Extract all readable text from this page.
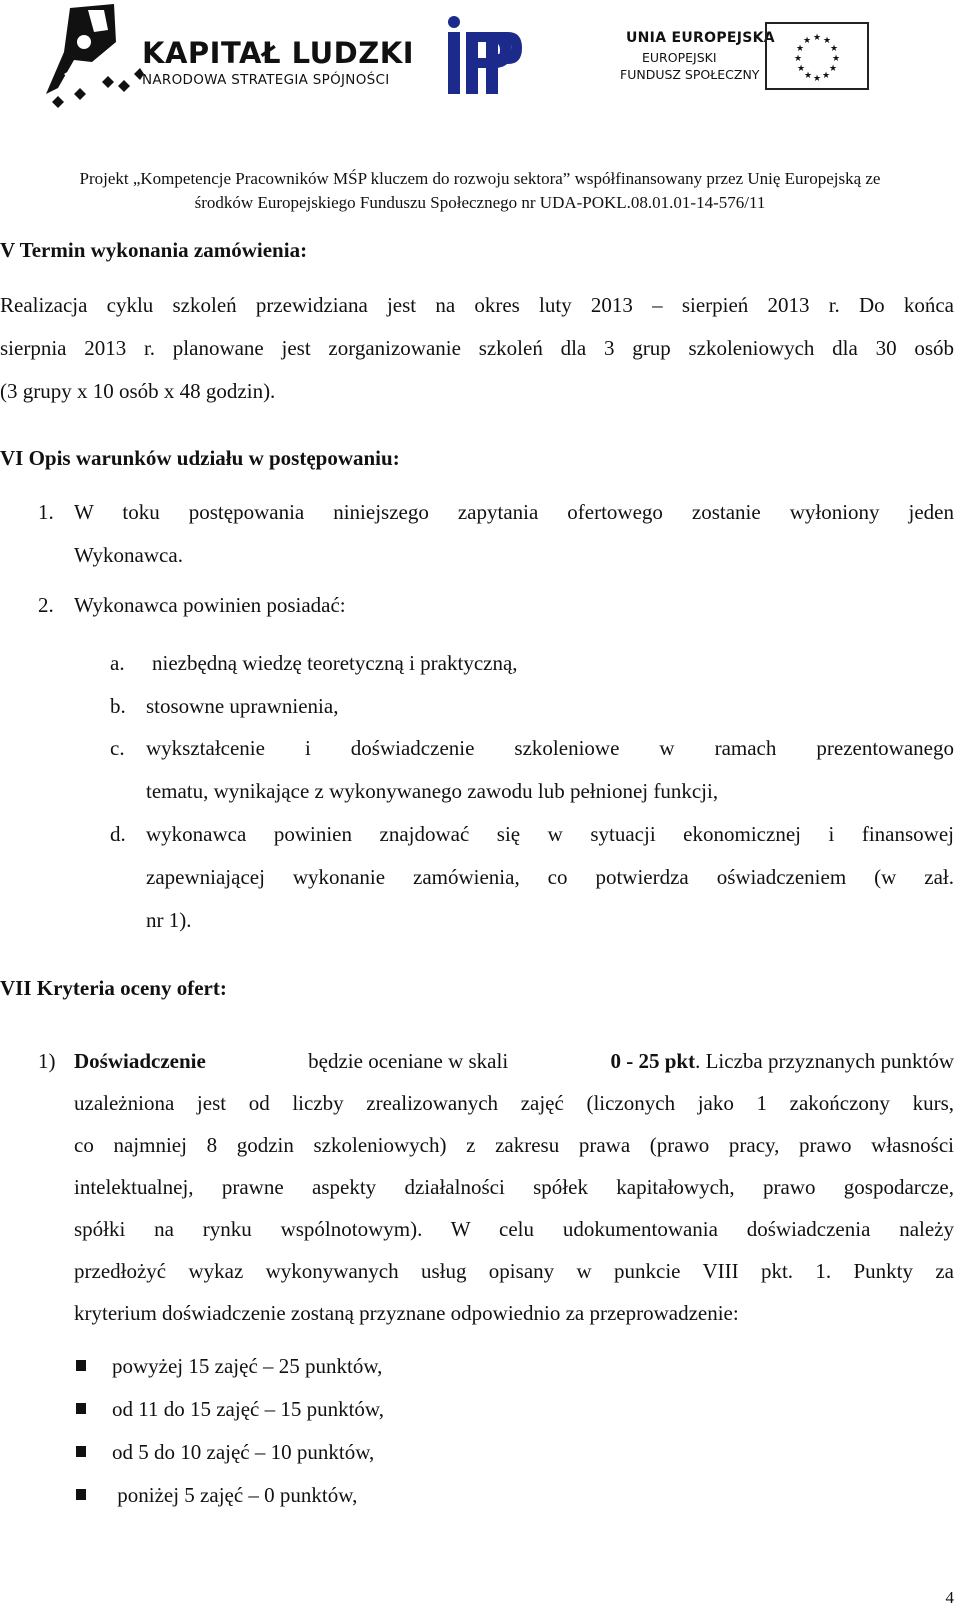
KAPITAŁ LUDZKI
NARODOWA STRATEGIA SPÓJNOŚCI
UNIA EUROPEJSKA
EUROPEJSKI
FUNDUSZ SPOŁECZNY
★ ★
★
★
★
★
★
★
★
★
★
★
Projekt „Kompetencje Pracowników MŚP kluczem do rozwoju sektora” współfinansowany przez Unię Europejską ze
środków Europejskiego Funduszu Społecznego nr UDA-POKL.08.01.01-14-576/11
V Termin wykonania zamówienia:
Realizacja cyklu szkoleń przewidziana jest na okres luty 2013 – sierpień 2013 r. Do końca
sierpnia 2013 r. planowane jest zorganizowanie szkoleń dla 3 grup szkoleniowych dla 30 osób
(3 grupy x 10 osób x 48 godzin).
VI Opis warunków udziału w postępowaniu:
1. W toku postępowania niniejszego zapytania ofertowego zostanie wyłoniony jeden
Wykonawca.
2. Wykonawca powinien posiadać:
a. niezbędną wiedzę teoretyczną i praktyczną,
b. stosowne uprawnienia,
c. wykształcenie i doświadczenie szkoleniowe w ramach prezentowanego
tematu, wynikające z wykonywanego zawodu lub pełnionej funkcji,
d. wykonawca powinien znajdować się w sytuacji ekonomicznej i finansowej
zapewniającej wykonanie zamówienia, co potwierdza oświadczeniem (w zał.
nr 1).
VII Kryteria oceny ofert:
1) Doświadczenie	będzie oceniane w skali	0 - 25 pkt. Liczba przyznanych punktów
uzależniona jest od liczby zrealizowanych zajęć (liczonych jako 1 zakończony kurs,
co najmniej 8 godzin szkoleniowych) z zakresu prawa (prawo pracy, prawo własności
intelektualnej, prawne aspekty działalności spółek kapitałowych, prawo gospodarcze,
spółki na rynku wspólnotowym). W celu udokumentowania doświadczenia należy
przedłożyć wykaz wykonywanych usług opisany w punkcie VIII pkt. 1. Punkty za
kryterium doświadczenie zostaną przyznane odpowiednio za przeprowadzenie:
powyżej 15 zajęć – 25 punktów,
od 11 do 15 zajęć – 15 punktów,
od 5 do 10 zajęć – 10 punktów,
poniżej 5 zajęć – 0 punktów,
4
